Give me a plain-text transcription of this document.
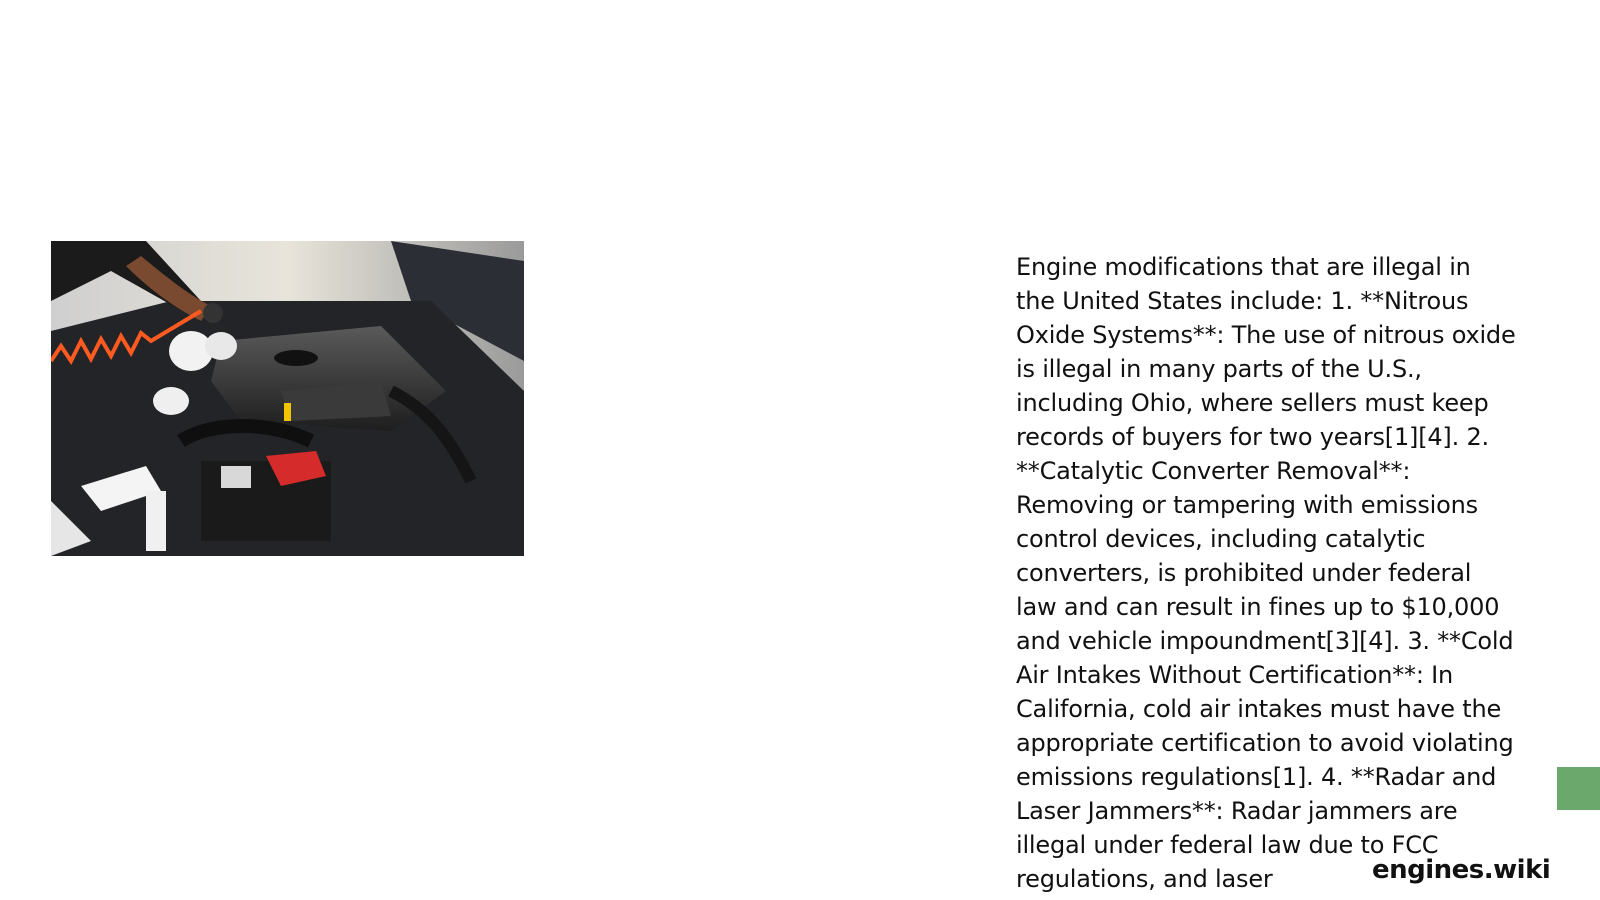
Engine modifications that are illegal in the United States include: 1. **Nitrous Oxide Systems**: The use of nitrous oxide is illegal in many parts of the U.S., including Ohio, where sellers must keep records of buyers for two years[1][4]. 2. **Catalytic Converter Removal**: Removing or tampering with emissions control devices, including catalytic converters, is prohibited under federal law and can result in fines up to $10,000 and vehicle impoundment[3][4]. 3. **Cold Air Intakes Without Certification**: In California, cold air intakes must have the appropriate certification to avoid violating emissions regulations[1]. 4. **Radar and Laser Jammers**: Radar jammers are illegal under federal law due to FCC regulations, and laser	engines.wiki
